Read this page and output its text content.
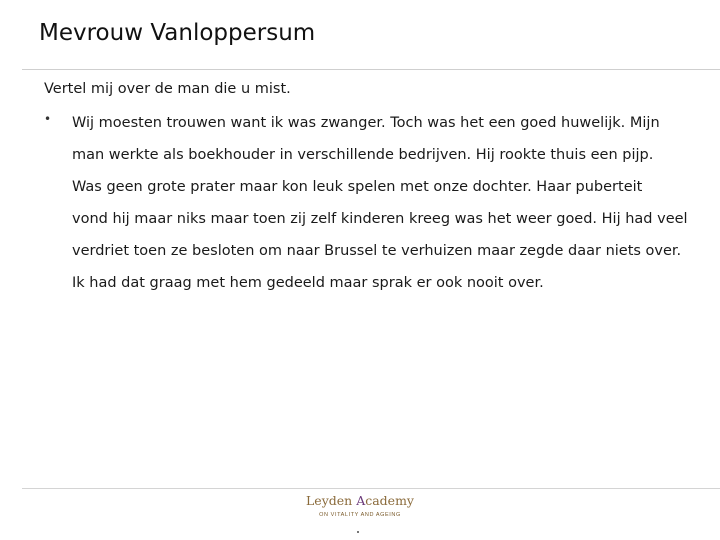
Mevrouw Vanloppersum
Vertel mij over de man die u mist.
• Wij moesten trouwen want ik was zwanger. Toch was het een goed huwelijk. Mijn
man werkte als boekhouder in verschillende bedrijven. Hij rookte thuis een pijp.
Was geen grote prater maar kon leuk spelen met onze dochter. Haar puberteit
vond hij maar niks maar toen zij zelf kinderen kreeg was het weer goed. Hij had veel
verdriet toen ze besloten om naar Brussel te verhuizen maar zegde daar niets over.
Ik had dat graag met hem gedeeld maar sprak er ook nooit over.
Leyden Academy
ON VITALITY AND AGEING
